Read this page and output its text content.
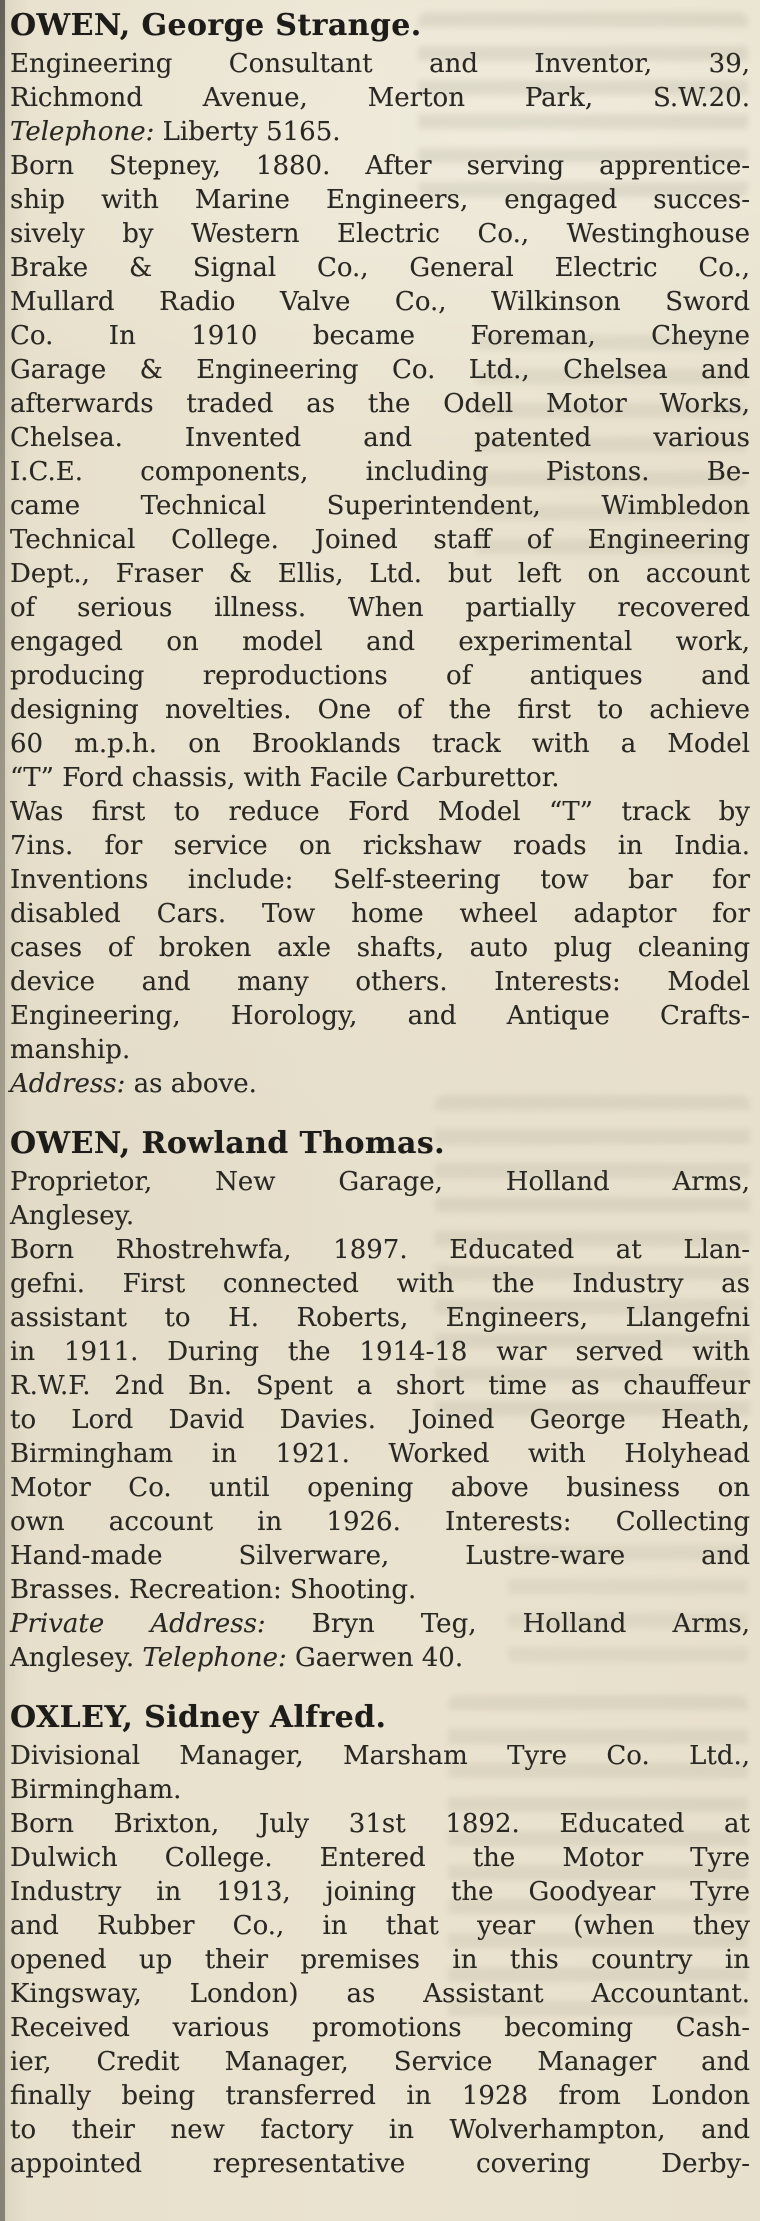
OWEN, George Strange.
Engineering Consultant and Inventor, 39,
Richmond Avenue, Merton Park, S.W.20.
Telephone: Liberty 5165.
Born Stepney, 1880. After serving apprentice-
ship with Marine Engineers, engaged succes-
sively by Western Electric Co., Westinghouse
Brake & Signal Co., General Electric Co.,
Mullard Radio Valve Co., Wilkinson Sword
Co. In 1910 became Foreman, Cheyne
Garage & Engineering Co. Ltd., Chelsea and
afterwards traded as the Odell Motor Works,
Chelsea. Invented and patented various
I.C.E. components, including Pistons. Be-
came Technical Superintendent, Wimbledon
Technical College. Joined staff of Engineering
Dept., Fraser & Ellis, Ltd. but left on account
of serious illness. When partially recovered
engaged on model and experimental work,
producing reproductions of antiques and
designing novelties. One of the first to achieve
60 m.p.h. on Brooklands track with a Model
“T” Ford chassis, with Facile Carburettor.
Was first to reduce Ford Model “T” track by
7ins. for service on rickshaw roads in India.
Inventions include: Self-steering tow bar for
disabled Cars. Tow home wheel adaptor for
cases of broken axle shafts, auto plug cleaning
device and many others. Interests: Model
Engineering, Horology, and Antique Crafts-
manship.
Address: as above.
OWEN, Rowland Thomas.
Proprietor, New Garage, Holland Arms,
Anglesey.
Born Rhostrehwfa, 1897. Educated at Llan-
gefni. First connected with the Industry as
assistant to H. Roberts, Engineers, Llangefni
in 1911. During the 1914-18 war served with
R.W.F. 2nd Bn. Spent a short time as chauffeur
to Lord David Davies. Joined George Heath,
Birmingham in 1921. Worked with Holyhead
Motor Co. until opening above business on
own account in 1926. Interests: Collecting
Hand-made Silverware, Lustre-ware and
Brasses. Recreation: Shooting.
Private Address: Bryn Teg, Holland Arms,
Anglesey. Telephone: Gaerwen 40.
OXLEY, Sidney Alfred.
Divisional Manager, Marsham Tyre Co. Ltd.,
Birmingham.
Born Brixton, July 31st 1892. Educated at
Dulwich College. Entered the Motor Tyre
Industry in 1913, joining the Goodyear Tyre
and Rubber Co., in that year (when they
opened up their premises in this country in
Kingsway, London) as Assistant Accountant.
Received various promotions becoming Cash-
ier, Credit Manager, Service Manager and
finally being transferred in 1928 from London
to their new factory in Wolverhampton, and
appointed representative covering Derby-
